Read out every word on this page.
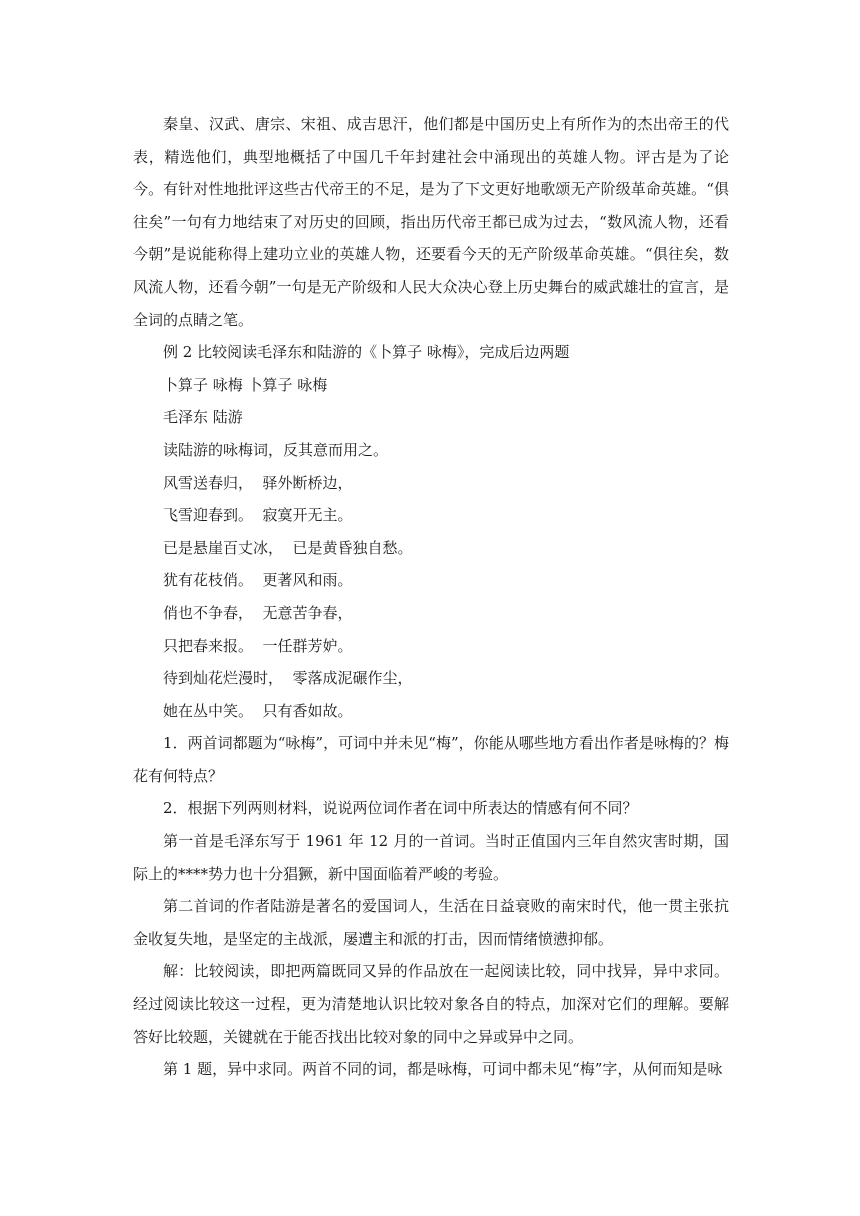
秦皇、汉武、唐宗、宋祖、成吉思汗，他们都是中国历史上有所作为的杰出帝王的代表，精选他们，典型地概括了中国几千年封建社会中涌现出的英雄人物。评古是为了论今。有针对性地批评这些古代帝王的不足，是为了下文更好地歌颂无产阶级革命英雄。“俱往矣”一句有力地结束了对历史的回顾，指出历代帝王都已成为过去，“数风流人物，还看今朝”是说能称得上建功立业的英雄人物，还要看今天的无产阶级革命英雄。“俱往矣，数风流人物，还看今朝”一句是无产阶级和人民大众决心登上历史舞台的威武雄壮的宣言，是全词的点睛之笔。

例 2 比较阅读毛泽东和陆游的《卜算子 咏梅》，完成后边两题

卜算子 咏梅 卜算子 咏梅

毛泽东 陆游

读陆游的咏梅词，反其意而用之。

风雪送春归，  驿外断桥边，

飞雪迎春到。  寂寞开无主。

已是悬崖百丈冰，  已是黄昏独自愁。

犹有花枝俏。  更著风和雨。

俏也不争春，  无意苦争春，

只把春来报。  一任群芳妒。

待到灿花烂漫时，  零落成泥碾作尘，

她在丛中笑。  只有香如故。

1．两首词都题为“咏梅”，可词中并未见“梅”，你能从哪些地方看出作者是咏梅的？梅花有何特点？

2．根据下列两则材料，说说两位词作者在词中所表达的情感有何不同？

第一首是毛泽东写于 1961 年 12 月的一首词。当时正值国内三年自然灾害时期，国际上的****势力也十分猖獗，新中国面临着严峻的考验。

第二首词的作者陆游是著名的爱国词人，生活在日益衰败的南宋时代，他一贯主张抗金收复失地，是坚定的主战派，屡遭主和派的打击，因而情绪愤懑抑郁。

解：比较阅读，即把两篇既同又异的作品放在一起阅读比较，同中找异，异中求同。经过阅读比较这一过程，更为清楚地认识比较对象各自的特点，加深对它们的理解。要解答好比较题，关键就在于能否找出比较对象的同中之异或异中之同。

第 1 题，异中求同。两首不同的词，都是咏梅，可词中都未见“梅”字，从何而知是咏
